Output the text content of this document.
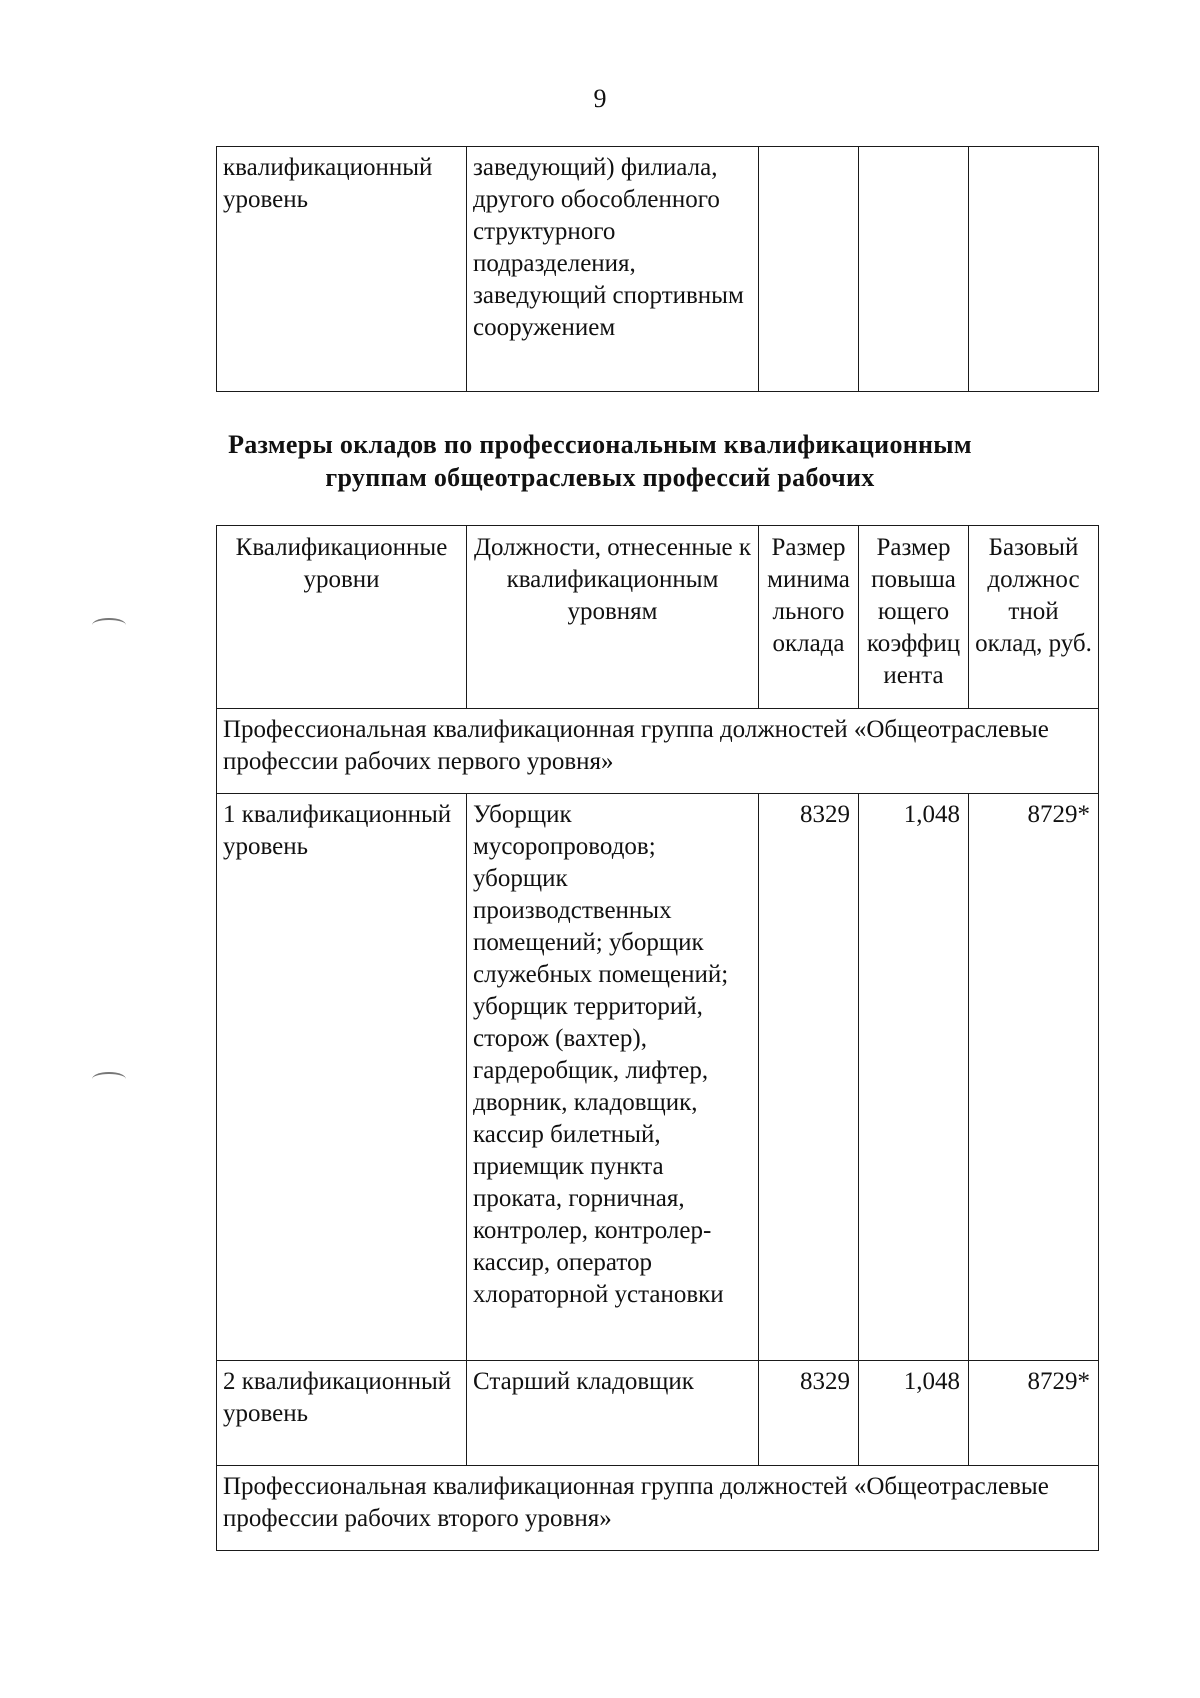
9
квалификационный уровень	заведующий) филиала, другого обособленного структурного подразделения, заведующий спортивным сооружением			
Размеры окладов по профессиональным квалификационным
группам общеотраслевых профессий рабочих
Квалификационные уровни	Должности, отнесенные к квалификационным уровням	Размер минима льного оклада	Размер повыша ющего коэффиц иента	Базовый должнос тной оклад, руб.
Профессиональная квалификационная группа должностей «Общеотраслевые профессии рабочих первого уровня»				
1 квалификационный уровень	Уборщик мусоропроводов; уборщик производственных помещений; уборщик служебных помещений; уборщик территорий, сторож (вахтер), гардеробщик, лифтер, дворник, кладовщик, кассир билетный, приемщик пункта проката, горничная, контролер, контролер-кассир, оператор хлораторной установки	8329	1,048	8729*
2 квалификационный уровень	Старший кладовщик	8329	1,048	8729*
Профессиональная квалификационная группа должностей «Общеотраслевые профессии рабочих второго уровня»				
